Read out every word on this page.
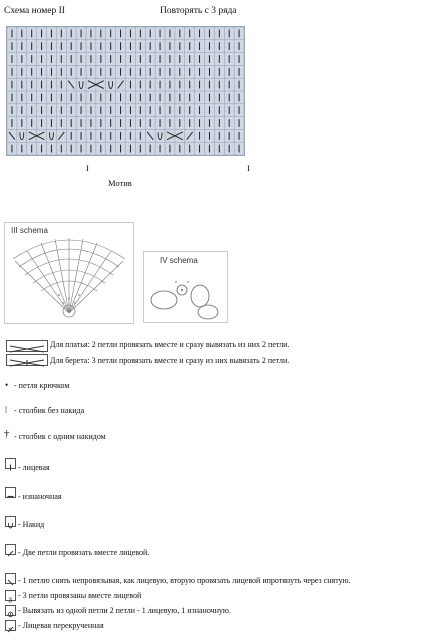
Схема номер II	Повторять с 3 ряда
I	I
Мотив
III schema
IV schema
Для платья: 2 петли провязать вместе и сразу вывязать из них 2 петли.
Для берета: 3 петли провязать вместе и сразу из них вывязать 2 петли.
• - петля крючком
ǀ - столбик без накида
† - столбик с одним накидом
- лицевая
- изнаночная
- Накид
- Две петли провязать вместе лицевой.
- 1 петлю снять непровязывая, как лицевую, вторую провязать лицевой ипротянуть через снятую.
3
- 3 петли провязаны вместе лицевой
- Вывязать из одной петли 2 петли - 1 лицевую, 1 изнаночную.
- Лицевая перекрученная
